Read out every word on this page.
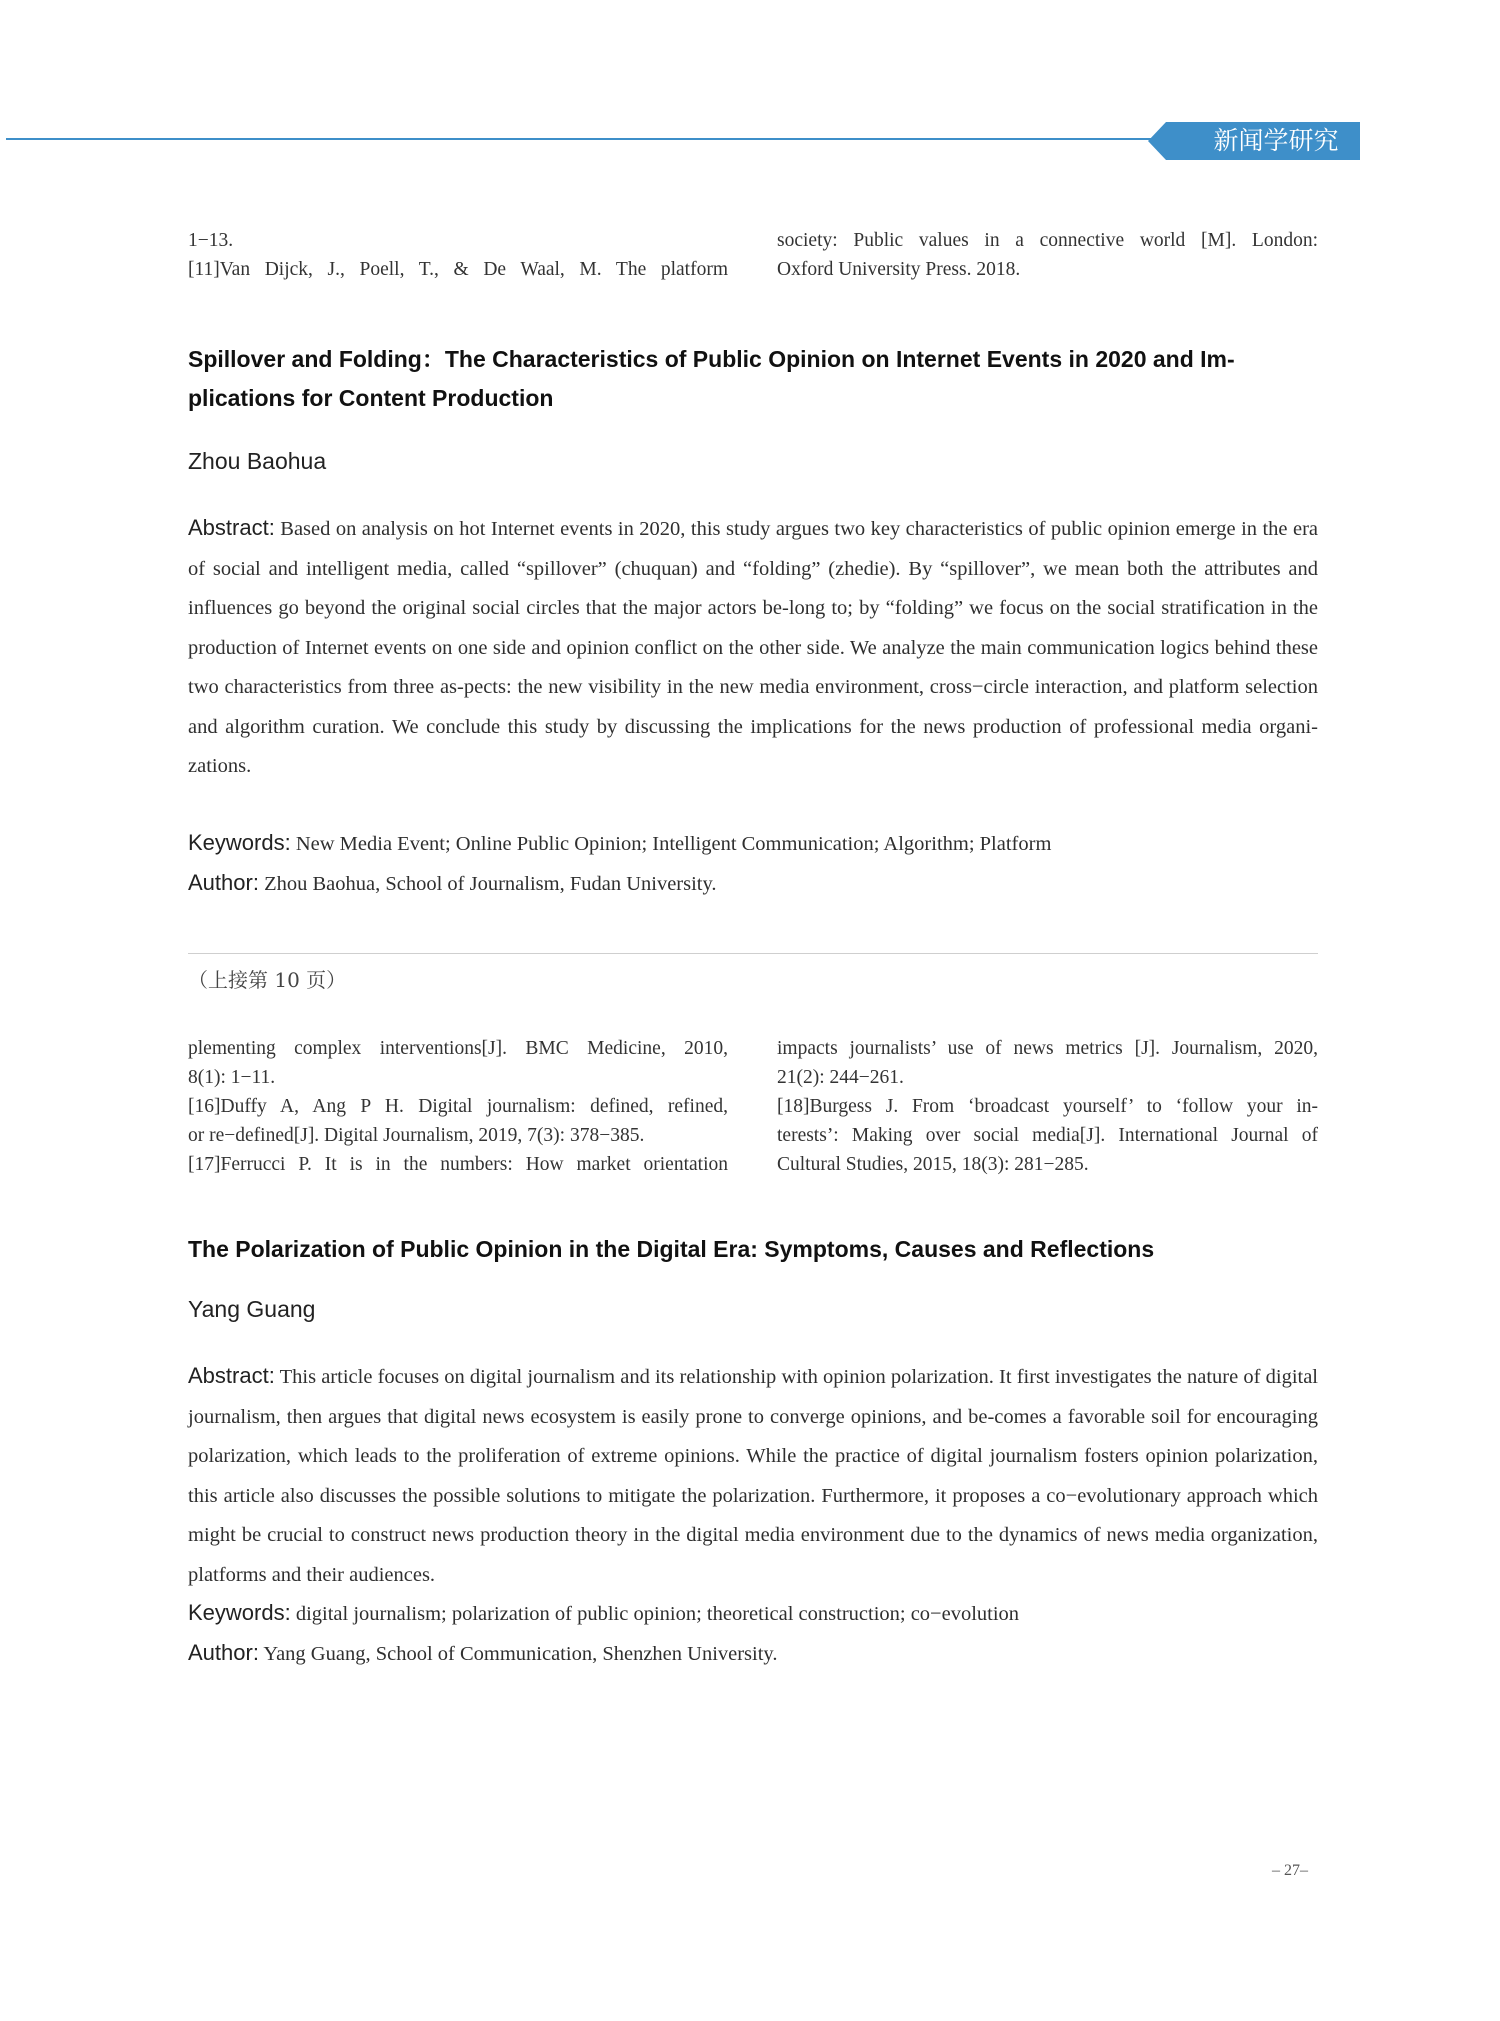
新闻学研究
1−13.
[11]Van Dijck, J., Poell, T., & De Waal, M. The platform
society: Public values in a connective world [M]. London:
Oxford University Press. 2018.
Spillover and Folding：The Characteristics of Public Opinion on Internet Events in 2020 and Im-
plications for Content Production
Zhou Baohua
Abstract: Based on analysis on hot Internet events in 2020, this study argues two key characteristics of public opinion emerge in the era of social and intelligent media, called “spillover” (chuquan) and “folding” (zhedie). By “spillover”, we mean both the attributes and influences go beyond the original social circles that the major actors be-long to; by “folding” we focus on the social stratification in the production of Internet events on one side and opinion conflict on the other side. We analyze the main communication logics behind these two characteristics from three as-pects: the new visibility in the new media environment, cross−circle interaction, and platform selection and algorithm curation. We conclude this study by discussing the implications for the news production of professional media organi-zations.
Keywords: New Media Event; Online Public Opinion; Intelligent Communication; Algorithm; Platform
Author: Zhou Baohua, School of Journalism, Fudan University.
（上接第 10 页）
plementing complex interventions[J]. BMC Medicine, 2010,
8(1): 1−11.
[16]Duffy A, Ang P H. Digital journalism: defined, refined,
or re−defined[J]. Digital Journalism, 2019, 7(3): 378−385.
[17]Ferrucci P. It is in the numbers: How market orientation
impacts journalists’ use of news metrics [J]. Journalism, 2020,
21(2): 244−261.
[18]Burgess J. From ‘broadcast yourself’ to ‘follow your in-
terests’: Making over social media[J]. International Journal of
Cultural Studies, 2015, 18(3): 281−285.
The Polarization of Public Opinion in the Digital Era: Symptoms, Causes and Reflections
Yang Guang
Abstract: This article focuses on digital journalism and its relationship with opinion polarization. It first investigates the nature of digital journalism, then argues that digital news ecosystem is easily prone to converge opinions, and be-comes a favorable soil for encouraging polarization, which leads to the proliferation of extreme opinions. While the practice of digital journalism fosters opinion polarization, this article also discusses the possible solutions to mitigate the polarization. Furthermore, it proposes a co−evolutionary approach which might be crucial to construct news production theory in the digital media environment due to the dynamics of news media organization, platforms and their audiences.
Keywords: digital journalism; polarization of public opinion; theoretical construction; co−evolution
Author: Yang Guang, School of Communication, Shenzhen University.
– 27–
